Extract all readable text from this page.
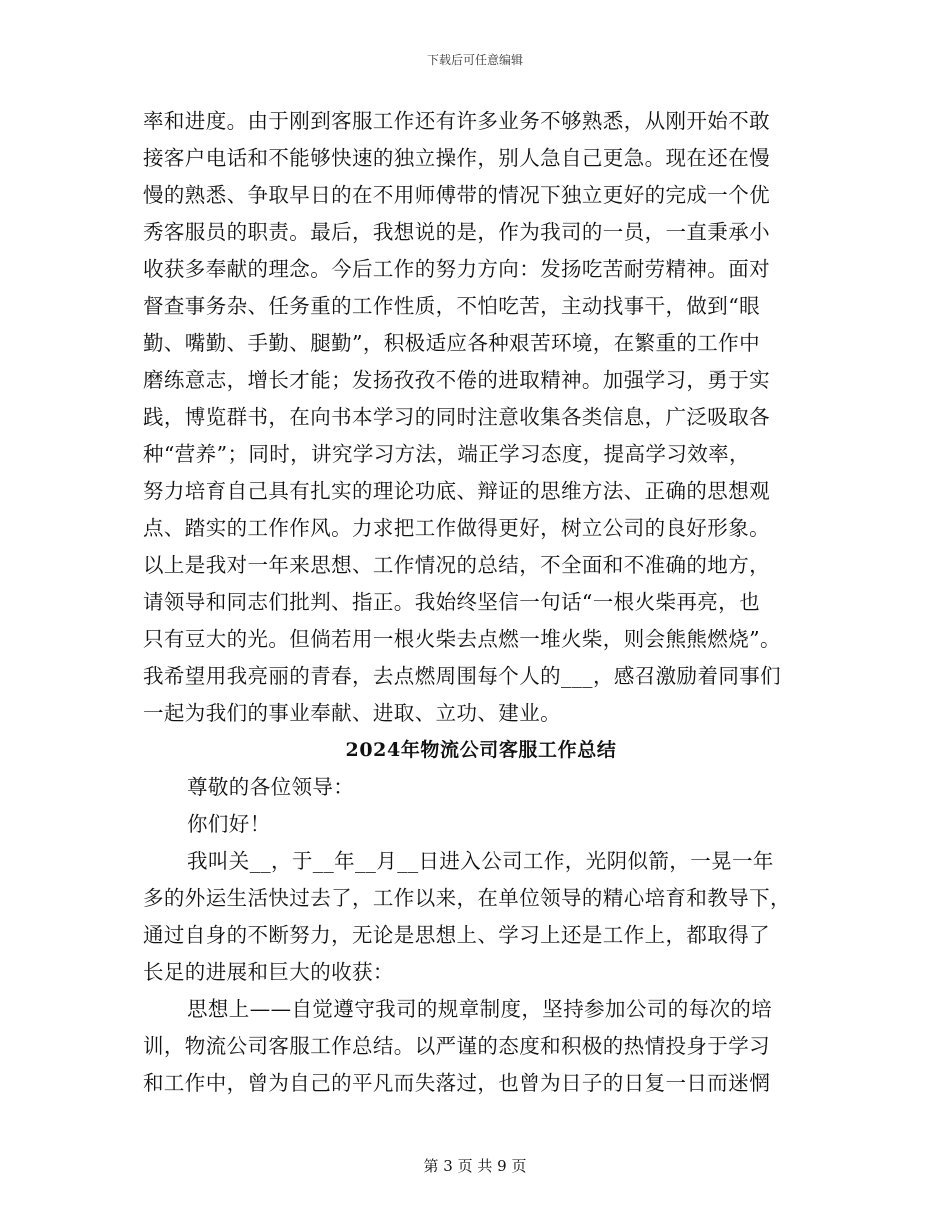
下载后可任意编辑
率和进度。由于刚到客服工作还有许多业务不够熟悉，从刚开始不敢
接客户电话和不能够快速的独立操作，别人急自己更急。现在还在慢
慢的熟悉、争取早日的在不用师傅带的情况下独立更好的完成一个优
秀客服员的职责。最后，我想说的是，作为我司的一员，一直秉承小
收获多奉献的理念。今后工作的努力方向：发扬吃苦耐劳精神。面对
督查事务杂、任务重的工作性质，不怕吃苦，主动找事干，做到“眼
勤、嘴勤、手勤、腿勤”，积极适应各种艰苦环境，在繁重的工作中
磨练意志，增长才能；发扬孜孜不倦的进取精神。加强学习，勇于实
践，博览群书，在向书本学习的同时注意收集各类信息，广泛吸取各
种“营养”；同时，讲究学习方法，端正学习态度，提高学习效率，
努力培育自己具有扎实的理论功底、辩证的思维方法、正确的思想观
点、踏实的工作作风。力求把工作做得更好，树立公司的良好形象。
以上是我对一年来思想、工作情况的总结，不全面和不准确的地方，
请领导和同志们批判、指正。我始终坚信一句话“一根火柴再亮，也
只有豆大的光。但倘若用一根火柴去点燃一堆火柴，则会熊熊燃烧”。
我希望用我亮丽的青春，去点燃周围每个人的___，感召激励着同事们
一起为我们的事业奉献、进取、立功、建业。
2024年物流公司客服工作总结
尊敬的各位领导：
你们好！
我叫关__，于__年__月__日进入公司工作，光阴似箭，一晃一年
多的外运生活快过去了，工作以来，在单位领导的精心培育和教导下，
通过自身的不断努力，无论是思想上、学习上还是工作上，都取得了
长足的进展和巨大的收获：
思想上——自觉遵守我司的规章制度，坚持参加公司的每次的培
训，物流公司客服工作总结。以严谨的态度和积极的热情投身于学习
和工作中，曾为自己的平凡而失落过，也曾为日子的日复一日而迷惘
第 3 页 共 9 页
